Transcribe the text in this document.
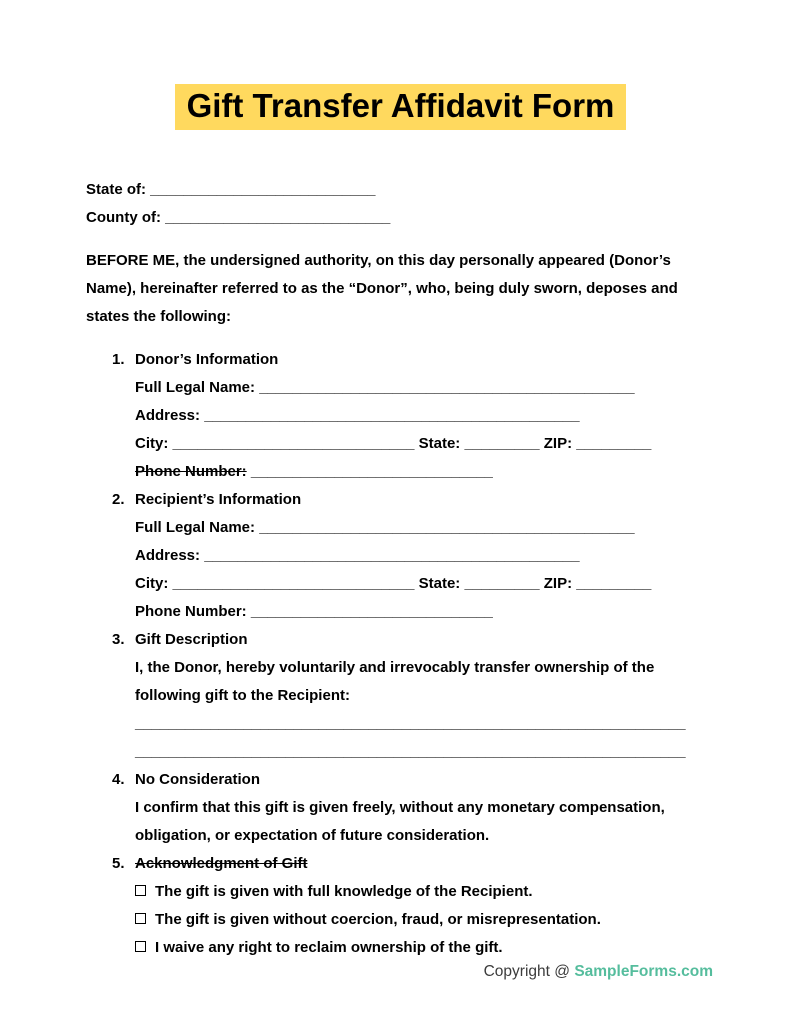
Gift Transfer Affidavit Form
State of: ___________________________
County of: ___________________________

BEFORE ME, the undersigned authority, on this day personally appeared (Donor’s Name), hereinafter referred to as the “Donor”, who, being duly sworn, deposes and states the following:

1. Donor’s Information
Full Legal Name: _____________________________________________
Address: _____________________________________________
City: _____________________________ State: _________ ZIP: _________
Phone Number: _____________________________
2. Recipient’s Information
Full Legal Name: _____________________________________________
Address: _____________________________________________
City: _____________________________ State: _________ ZIP: _________
Phone Number: _____________________________
3. Gift Description
I, the Donor, hereby voluntarily and irrevocably transfer ownership of the following gift to the Recipient:
__________________________________________________________________
__________________________________________________________________
4. No Consideration
I confirm that this gift is given freely, without any monetary compensation, obligation, or expectation of future consideration.
5. Acknowledgment of Gift
The gift is given with full knowledge of the Recipient.
The gift is given without coercion, fraud, or misrepresentation.
I waive any right to reclaim ownership of the gift.
Copyright @ SampleForms.com
